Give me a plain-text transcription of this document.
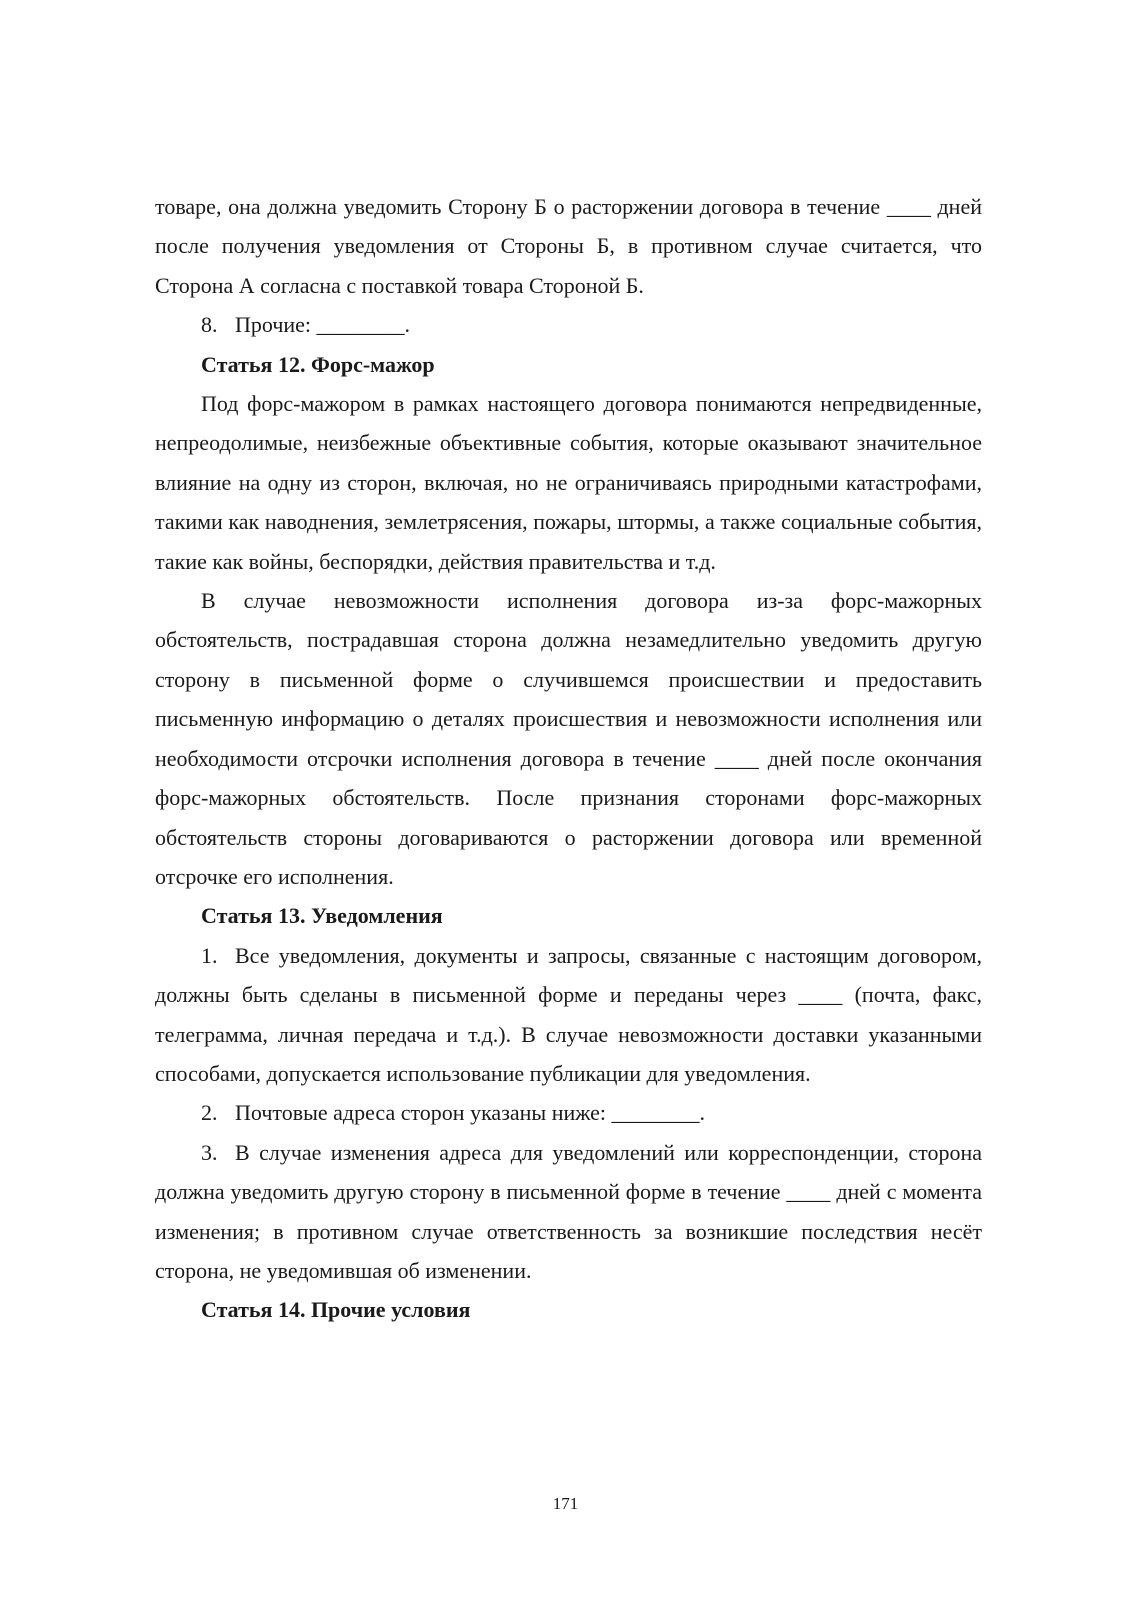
товаре, она должна уведомить Сторону Б о расторжении договора в течение ____ дней после получения уведомления от Стороны Б, в противном случае считается, что Сторона А согласна с поставкой товара Стороной Б.

8. Прочие: ________.

Статья 12. Форс-мажор

Под форс-мажором в рамках настоящего договора понимаются непредвиденные, непреодолимые, неизбежные объективные события, которые оказывают значительное влияние на одну из сторон, включая, но не ограничиваясь природными катастрофами, такими как наводнения, землетрясения, пожары, штормы, а также социальные события, такие как войны, беспорядки, действия правительства и т.д.

В случае невозможности исполнения договора из-за форс-мажорных обстоятельств, пострадавшая сторона должна незамедлительно уведомить другую сторону в письменной форме о случившемся происшествии и предоставить письменную информацию о деталях происшествия и невозможности исполнения или необходимости отсрочки исполнения договора в течение ____ дней после окончания форс-мажорных обстоятельств. После признания сторонами форс-мажорных обстоятельств стороны договариваются о расторжении договора или временной отсрочке его исполнения.

Статья 13. Уведомления

1. Все уведомления, документы и запросы, связанные с настоящим договором, должны быть сделаны в письменной форме и переданы через ____ (почта, факс, телеграмма, личная передача и т.д.). В случае невозможности доставки указанными способами, допускается использование публикации для уведомления.

2. Почтовые адреса сторон указаны ниже: ________.

3. В случае изменения адреса для уведомлений или корреспонденции, сторона должна уведомить другую сторону в письменной форме в течение ____ дней с момента изменения; в противном случае ответственность за возникшие последствия несёт сторона, не уведомившая об изменении.

Статья 14. Прочие условия

171
